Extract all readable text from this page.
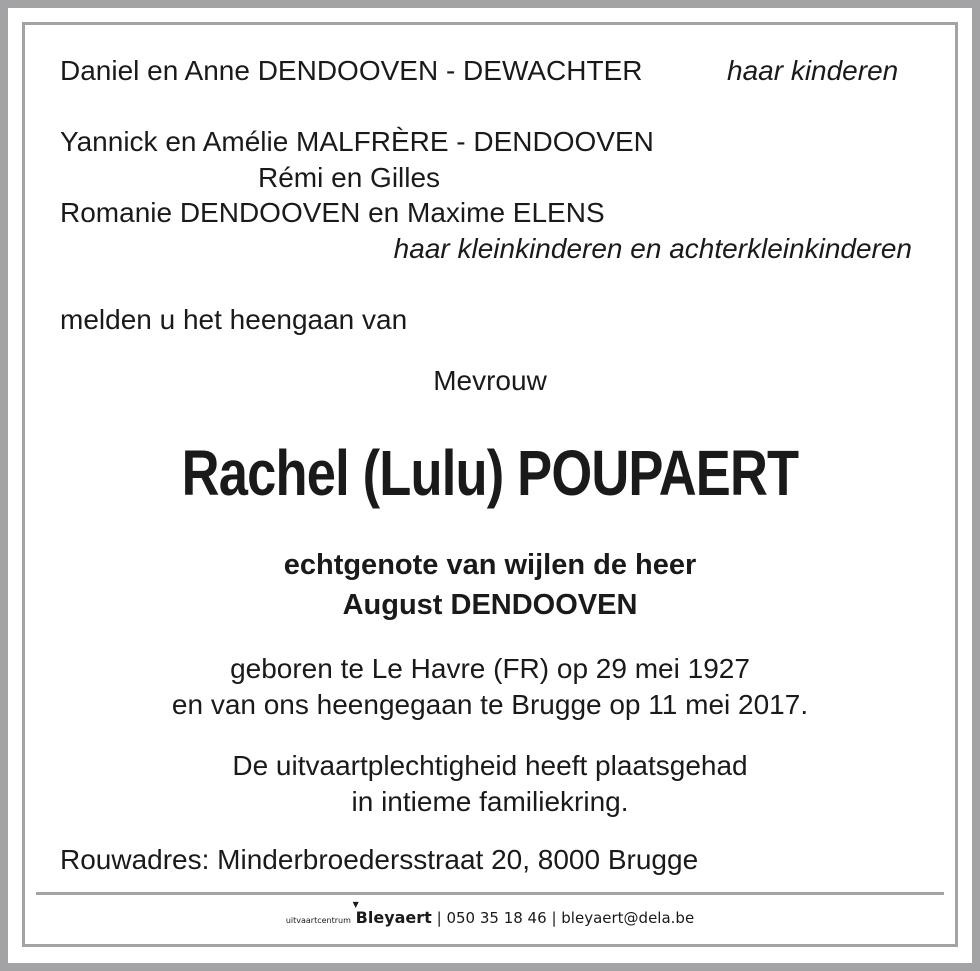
Daniel en Anne DENDOOVEN - DEWACHTER	haar kinderen
Yannick en Amélie MALFRÈRE - DENDOOVEN
Rémi en Gilles
Romanie DENDOOVEN en Maxime ELENS
haar kleinkinderen en achterkleinkinderen
melden u het heengaan van
Mevrouw
Rachel (Lulu) POUPAERT
echtgenote van wijlen de heer
August DENDOOVEN
geboren te Le Havre (FR) op 29 mei 1927
en van ons heengegaan te Brugge op 11 mei 2017.
De uitvaartplechtigheid heeft plaatsgehad
in intieme familiekring.
Rouwadres: Minderbroedersstraat 20, 8000 Brugge
uitvaartcentrum
▼
Bleyaert | 050 35 18 46 | bleyaert@dela.be
